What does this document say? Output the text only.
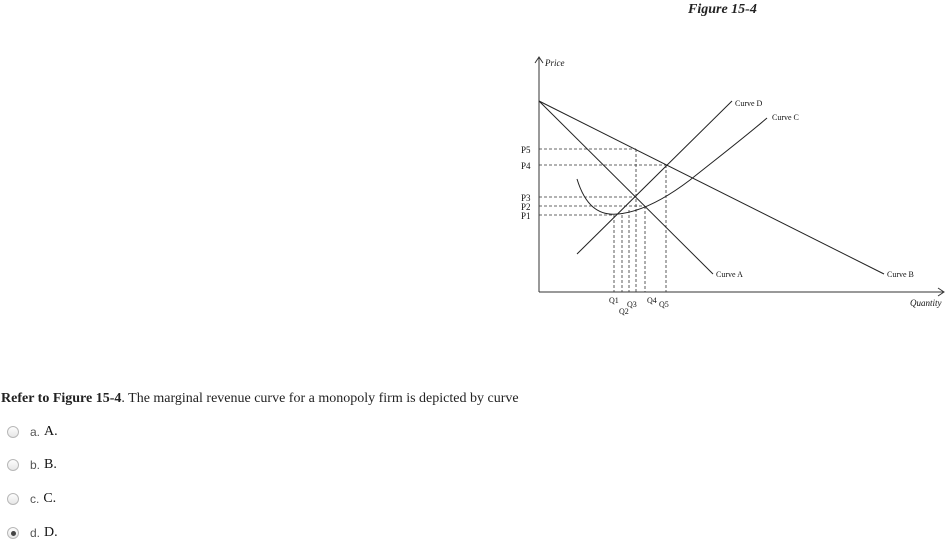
Figure 15-4
Price
Quantity
Curve A	Curve B
Curve C
Curve D
P5
P4
P3
P2
P1
Q1
Q2
Q3 Q4 Q5
Refer to Figure 15-4. The marginal revenue curve for a monopoly firm is depicted by curve
a. A.
b. B.
c. C.
d. D.
